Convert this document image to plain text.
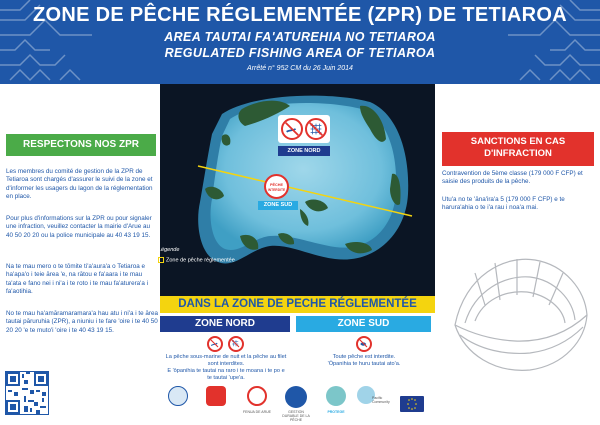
ZONE DE PÊCHE RÉGLEMENTÉE (ZPR) DE TETIAROA
AREA TAUTAI FA'ATUREHIA NO TETIAROA
REGULATED FISHING AREA OF TETIAROA
Arrêté n° 952 CM du 26 Juin 2014
RESPECTONS NOS ZPR
Les membres du comité de gestion de la ZPR de Tetiaroa sont chargés d'assurer le suivi de la zone et d'informer les usagers du lagon de la réglementation en place.
Pour plus d'informations sur la ZPR ou pour signaler une infraction, veuillez contacter la mairie d'Arue au 40 50 20 20 ou la police municipale au 40 43 19 15.
Na te mau mero o te tōmite ti'a'aura'a o Tetiaroa e ha'apa'o i teie ārea 'e, na rātou e fa'aara i te mau ta'ata e fano nei i ni'a i te roto i te mau fa'aturera'a i fa'aotihia.
No te mau ha'amāramaramara'a hau atu i ni'a i te ārea tautai pāruruhia (ZPR), a niuniu i te fare 'oire i te 40 50 20 20 'e te muto'i 'oire i te 40 43 19 15.
ZONE NORD
PÊCHE
INTERDITE
ZONE SUD
Légende
Zone de pêche réglementée
DANS LA ZONE DE PECHE RÉGLEMENTÉE
ZONE NORD	ZONE SUD
La pêche sous-marine de nuit et la pêche au filet sont interdites.
E 'ōpanihia te tautai na raro i te moana i te po e te tautai 'upe'a.
Toute pêche est interdite.
'Ōpanihia te huru tautai ato'a.
FENUA DE ARUE	GESTION DURABLE DE LA PÊCHE
PROTEGE
Pacific Community
SANCTIONS EN CAS
D'INFRACTION
Contravention de 5ème classe (179 000 F CFP) et saisie des produits de la pêche.
Utu'a no te 'āna'ira'a 5 (179 000 F CFP) e te harura'ahia o te i'a rau i noa'a mai.
